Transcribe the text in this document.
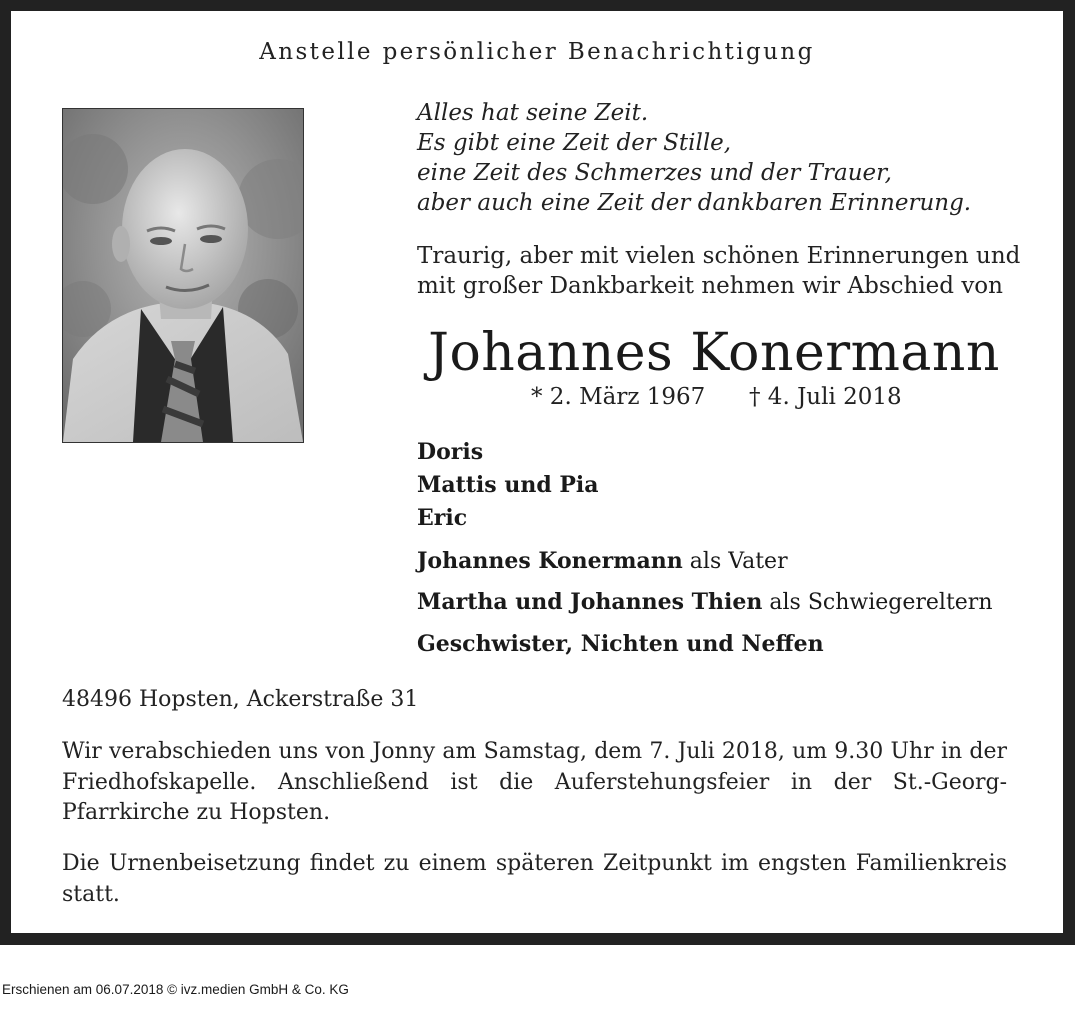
Anstelle persönlicher Benachrichtigung
Alles hat seine Zeit.
Es gibt eine Zeit der Stille,
eine Zeit des Schmerzes und der Trauer,
aber auch eine Zeit der dankbaren Erinnerung.
Traurig, aber mit vielen schönen Erinnerungen und
mit großer Dankbarkeit nehmen wir Abschied von
Johannes Konermann
* 2. März 1967 † 4. Juli 2018
Doris
Mattis und Pia
Eric
Johannes Konermann als Vater
Martha und Johannes Thien als Schwiegereltern
Geschwister, Nichten und Neffen
48496 Hopsten, Ackerstraße 31
Wir verabschieden uns von Jonny am Samstag, dem 7. Juli 2018, um 9.30 Uhr in der Friedhofskapelle. Anschließend ist die Auferstehungsfeier in der St.-Georg-Pfarrkirche zu Hopsten.
Die Urnenbeisetzung findet zu einem späteren Zeitpunkt im engsten Familienkreis statt.
Erschienen am 06.07.2018 © ivz.medien GmbH & Co. KG
